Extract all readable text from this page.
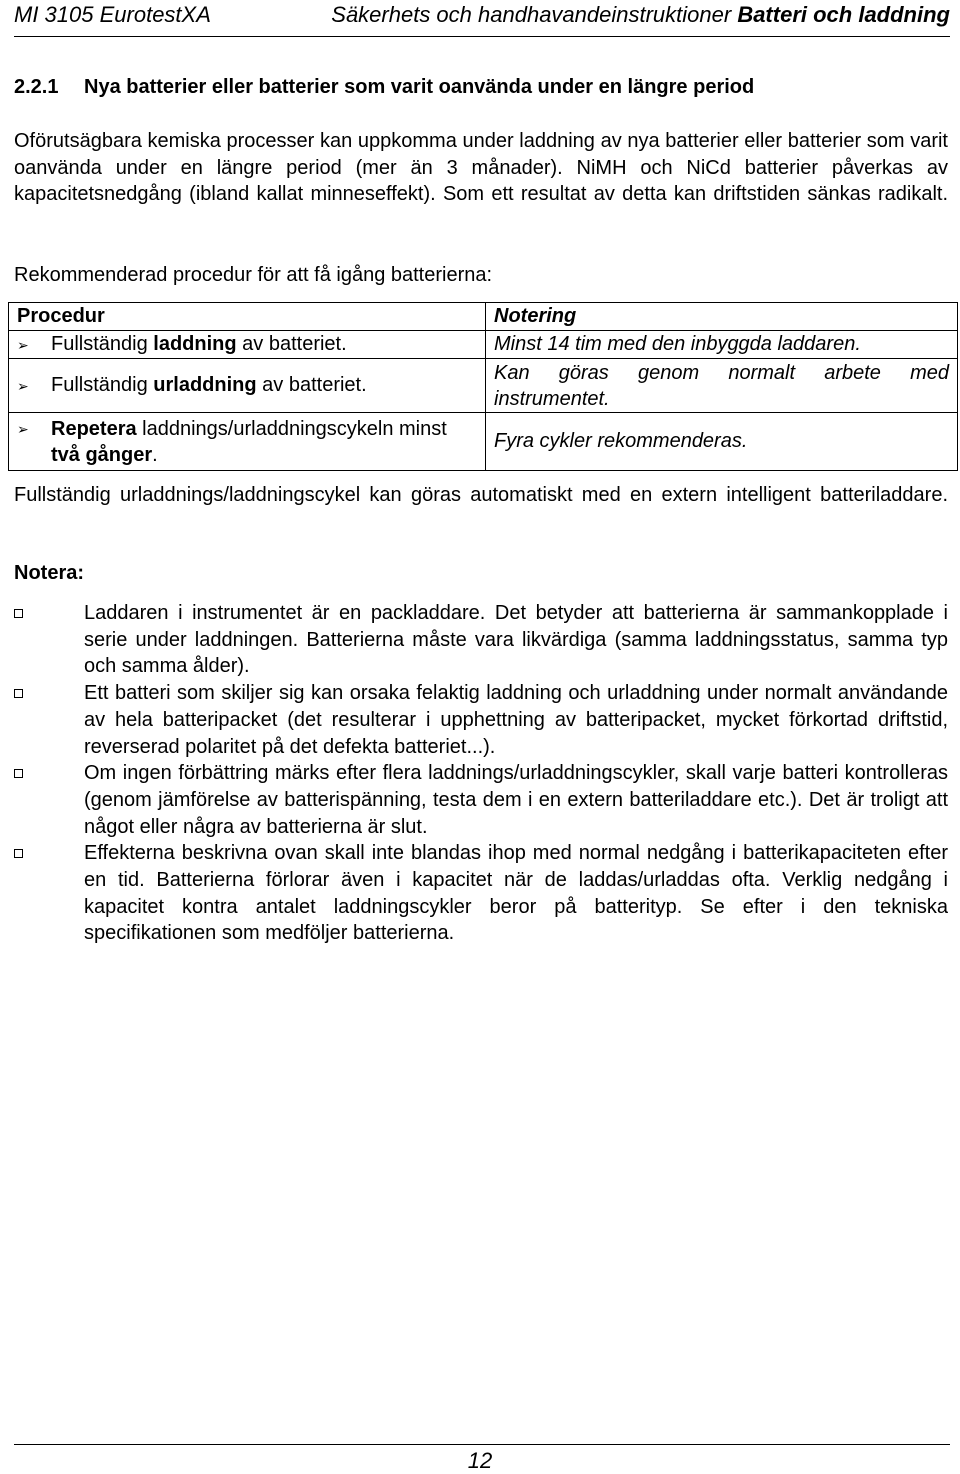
MI 3105 EurotestXA	Säkerhets och handhavandeinstruktioner Batteri och laddning
2.2.1 Nya batterier eller batterier som varit oanvända under en längre period
Oförutsägbara kemiska processer kan uppkomma under laddning av nya batterier eller batterier som varit oanvända under en längre period (mer än 3 månader). NiMH och NiCd batterier påverkas av kapacitetsnedgång (ibland kallat minneseffekt). Som ett resultat av detta kan driftstiden sänkas radikalt.
Rekommenderad procedur för att få igång batterierna:
Procedur	Notering
➢ Fullständig laddning av batteriet.	Minst 14 tim med den inbyggda laddaren.
➢ Fullständig urladdning av batteriet.	Kan göras genom normalt arbete med instrumentet.

➢ Repetera laddnings/urladdningscykeln minst två gånger.	Fyra cykler rekommenderas.
Fullständig urladdnings/laddningscykel kan göras automatiskt med en extern intelligent batteriladdare.
Notera:
Laddaren i instrumentet är en packladdare. Det betyder att batterierna är sammankopplade i serie under laddningen. Batterierna måste vara likvärdiga (samma laddningsstatus, samma typ och samma ålder).
Ett batteri som skiljer sig kan orsaka felaktig laddning och urladdning under normalt användande av hela batteripacket (det resulterar i upphettning av batteripacket, mycket förkortad driftstid, reverserad polaritet på det defekta batteriet...).
Om ingen förbättring märks efter flera laddnings/urladdningscykler, skall varje batteri kontrolleras (genom jämförelse av batterispänning, testa dem i en extern batteriladdare etc.). Det är troligt att något eller några av batterierna är slut.
Effekterna beskrivna ovan skall inte blandas ihop med normal nedgång i batterikapaciteten efter en tid. Batterierna förlorar även i kapacitet när de laddas/urladdas ofta. Verklig nedgång i kapacitet kontra antalet laddningscykler beror på batterityp. Se efter i den tekniska specifikationen som medföljer batterierna.
12
